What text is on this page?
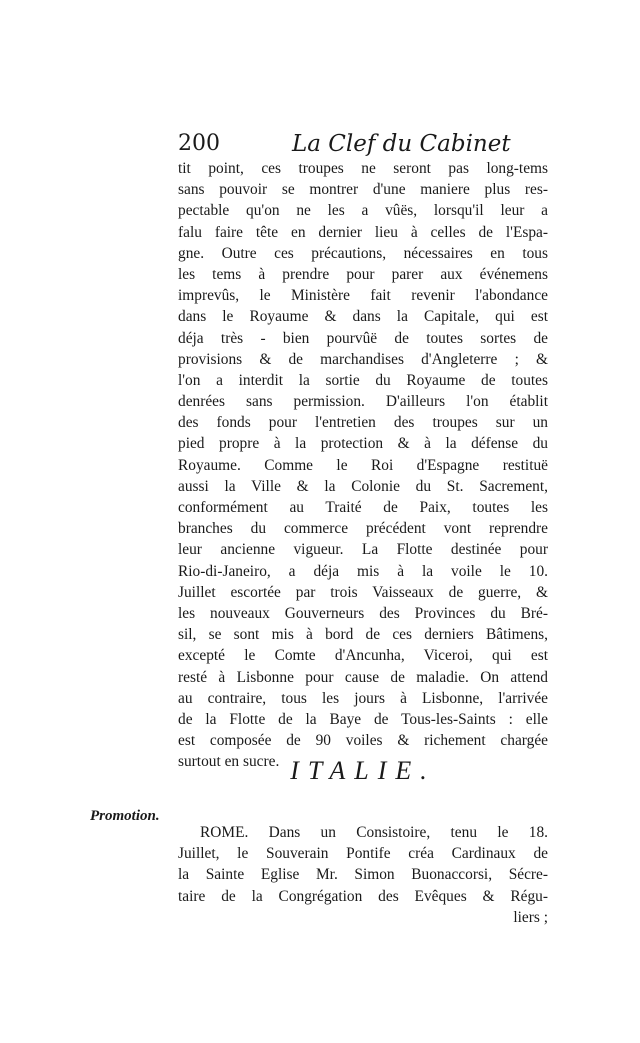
200	La Clef du Cabinet
tit point, ces troupes ne seront pas long-tems
sans pouvoir se montrer d'une maniere plus res-
pectable qu'on ne les a vûës, lorsqu'il leur a
falu faire tête en dernier lieu à celles de l'Espa-
gne. Outre ces précautions, nécessaires en tous
les tems à prendre pour parer aux événemens
imprevûs, le Ministère fait revenir l'abondance
dans le Royaume & dans la Capitale, qui est
déja très - bien pourvûë de toutes sortes de
provisions & de marchandises d'Angleterre ; &
l'on a interdit la sortie du Royaume de toutes
denrées sans permission. D'ailleurs l'on établit
des fonds pour l'entretien des troupes sur un
pied propre à la protection & à la défense du
Royaume. Comme le Roi d'Espagne restituë
aussi la Ville & la Colonie du St. Sacrement,
conformément au Traité de Paix, toutes les
branches du commerce précédent vont reprendre
leur ancienne vigueur. La Flotte destinée pour
Rio-di-Janeiro, a déja mis à la voile le 10.
Juillet escortée par trois Vaisseaux de guerre, &
les nouveaux Gouverneurs des Provinces du Bré-
sil, se sont mis à bord de ces derniers Bâtimens,
excepté le Comte d'Ancunha, Viceroi, qui est
resté à Lisbonne pour cause de maladie. On attend
au contraire, tous les jours à Lisbonne, l'arrivée
de la Flotte de la Baye de Tous-les-Saints : elle
est composée de 90 voiles & richement chargée
surtout en sucre. ITALIE.
Promotion.
ROME. Dans un Consistoire, tenu le 18.
Juillet, le Souverain Pontife créa Cardinaux de
la Sainte Eglise Mr. Simon Buonaccorsi, Sécre-
taire de la Congrégation des Evêques & Régu-
liers ;
